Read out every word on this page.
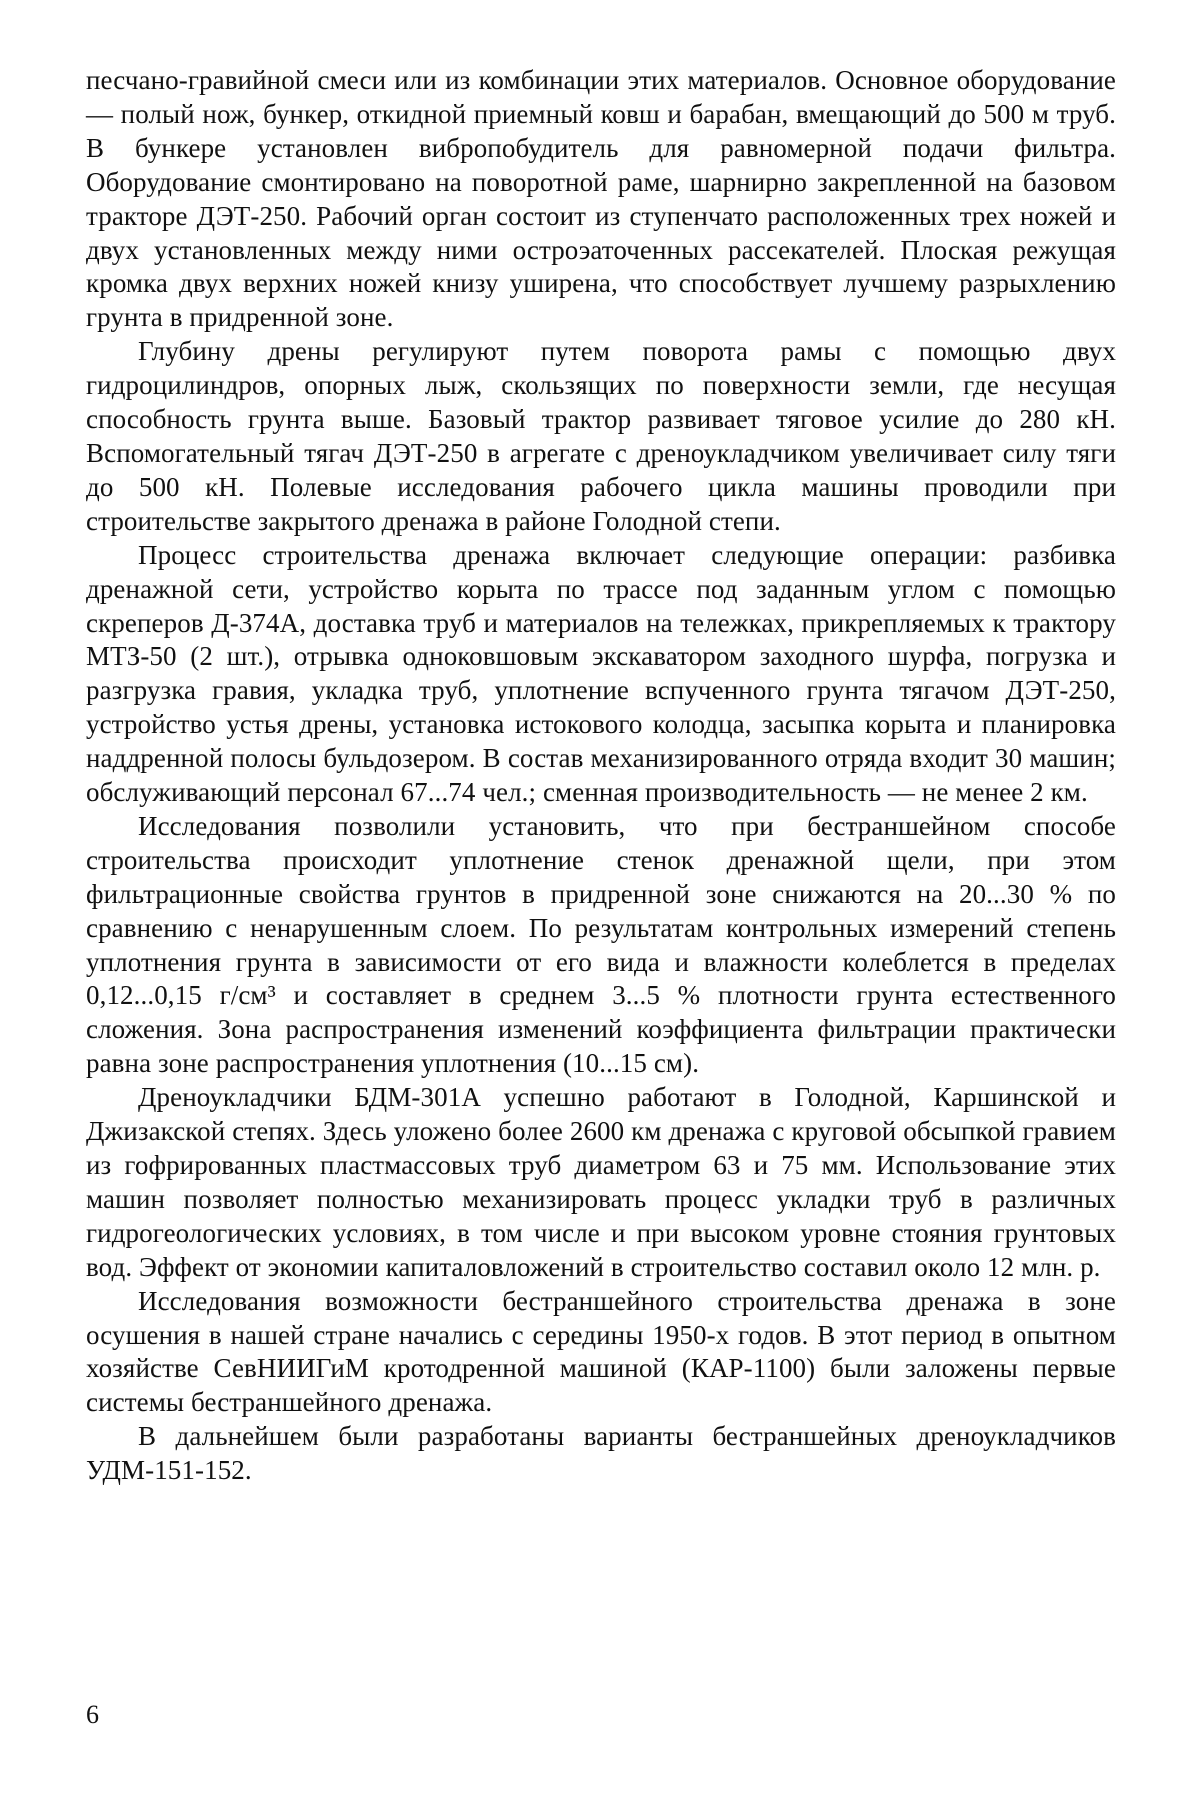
песчано-гравийной смеси или из комбинации этих материалов. Основное оборудование — полый нож, бункер, откидной приемный ковш и барабан, вмещающий до 500 м труб. В бункере установлен вибропобудитель для равномерной подачи фильтра. Оборудование смонтировано на поворотной раме, шарнирно закрепленной на базовом тракторе ДЭТ-250. Рабочий орган состоит из ступенчато расположенных трех ножей и двух установленных между ними остроэаточенных рассекателей. Плоская режущая кромка двух верхних ножей книзу уширена, что способствует лучшему разрыхлению грунта в придренной зоне.

Глубину дрены регулируют путем поворота рамы с помощью двух гидроцилиндров, опорных лыж, скользящих по поверхности земли, где несущая способность грунта выше. Базовый трактор развивает тяговое усилие до 280 кН. Вспомогательный тягач ДЭТ-250 в агрегате с дреноукладчиком увеличивает силу тяги до 500 кН. Полевые исследования рабочего цикла машины проводили при строительстве закрытого дренажа в районе Голодной степи.

Процесс строительства дренажа включает следующие операции: разбивка дренажной сети, устройство корыта по трассе под заданным углом с помощью скреперов Д-374А, доставка труб и материалов на тележках, прикрепляемых к трактору МТЗ-50 (2 шт.), отрывка одноковшовым экскаватором заходного шурфа, погрузка и разгрузка гравия, укладка труб, уплотнение вспученного грунта тягачом ДЭТ-250, устройство устья дрены, установка истокового колодца, засыпка корыта и планировка наддренной полосы бульдозером. В состав механизированного отряда входит 30 машин; обслуживающий персонал 67...74 чел.; сменная производительность — не менее 2 км.

Исследования позволили установить, что при бестраншейном способе строительства происходит уплотнение стенок дренажной щели, при этом фильтрационные свойства грунтов в придренной зоне снижаются на 20...30 % по сравнению с ненарушенным слоем. По результатам контрольных измерений степень уплотнения грунта в зависимости от его вида и влажности колеблется в пределах 0,12...0,15 г/см³ и составляет в среднем 3...5 % плотности грунта естественного сложения. Зона распространения изменений коэффициента фильтрации практически равна зоне распространения уплотнения (10...15 см).

Дреноукладчики БДМ-301А успешно работают в Голодной, Каршинской и Джизакской степях. Здесь уложено более 2600 км дренажа с круговой обсыпкой гравием из гофрированных пластмассовых труб диаметром 63 и 75 мм. Использование этих машин позволяет полностью механизировать процесс укладки труб в различных гидрогеологических условиях, в том числе и при высоком уровне стояния грунтовых вод. Эффект от экономии капиталовложений в строительство составил около 12 млн. р.

Исследования возможности бестраншейного строительства дренажа в зоне осушения в нашей стране начались с середины 1950-х годов. В этот период в опытном хозяйстве СевНИИГиМ кротодренной машиной (КАР-1100) были заложены первые системы бестраншейного дренажа.

В дальнейшем были разработаны варианты бестраншейных дреноукладчиков УДМ-151-152.

6
